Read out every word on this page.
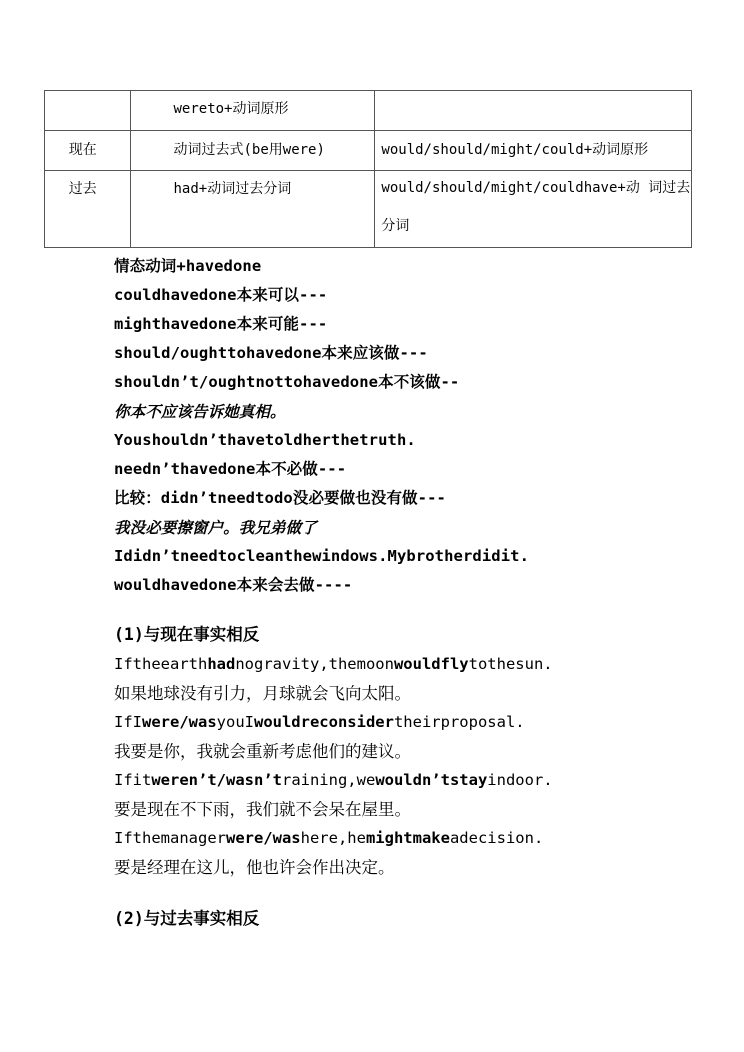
	wereto+动词原形	

现在	动词过去式(be用were)	would/should/might/could+动词原形

过去	had+动词过去分词	would/should/might/couldhave+动 词过去分词
情态动词+havedone
couldhavedone本来可以---
mighthavedone本来可能---
should/oughttohavedone本来应该做---
shouldn’t/oughtnottohavedone本不该做--
你本不应该告诉她真相。
Youshouldn’thavetoldherthetruth.
needn’thavedone本不必做---
比较：didn’tneedtodo没必要做也没有做---
我没必要擦窗户。我兄弟做了
Ididn’tneedtocleanthewindows.Mybrotherdidit.
wouldhavedone本来会去做----
(1)与现在事实相反
Iftheearthhadnogravity,themoonwouldflytothesun.
如果地球没有引力，月球就会飞向太阳。
IfIwere/wasyouIwouldreconsidertheirproposal.
我要是你，我就会重新考虑他们的建议。
Ifitweren’t/wasn’training,wewouldn’tstayindoor.
要是现在不下雨，我们就不会呆在屋里。
Ifthemanagerwere/washere,hemightmakeadecision.
要是经理在这儿，他也许会作出决定。
(2)与过去事实相反
